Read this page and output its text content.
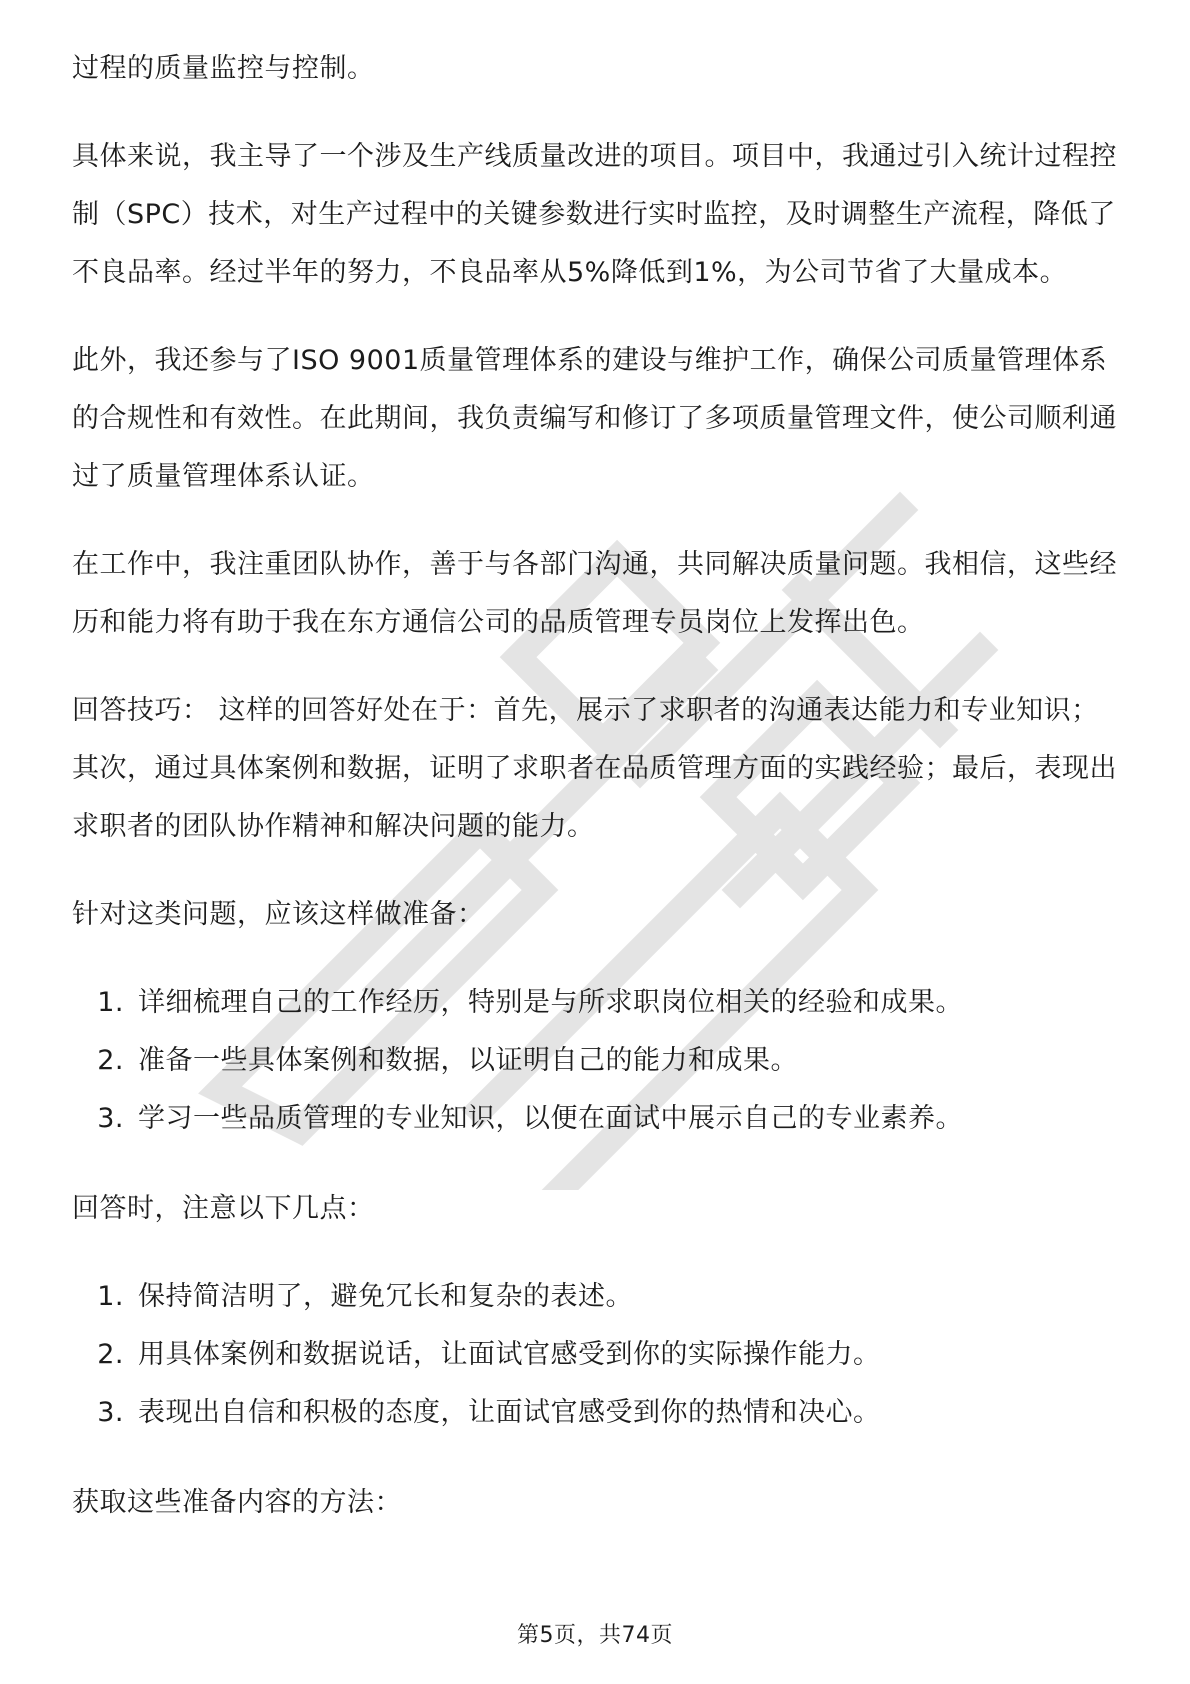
过程的质量监控与控制。

具体来说，我主导了一个涉及生产线质量改进的项目。项目中，我通过引入统计过程控制（SPC）技术，对生产过程中的关键参数进行实时监控，及时调整生产流程，降低了不良品率。经过半年的努力，不良品率从5%降低到1%，为公司节省了大量成本。

此外，我还参与了ISO 9001质量管理体系的建设与维护工作，确保公司质量管理体系的合规性和有效性。在此期间，我负责编写和修订了多项质量管理文件，使公司顺利通过了质量管理体系认证。

在工作中，我注重团队协作，善于与各部门沟通，共同解决质量问题。我相信，这些经历和能力将有助于我在东方通信公司的品质管理专员岗位上发挥出色。

回答技巧： 这样的回答好处在于：首先，展示了求职者的沟通表达能力和专业知识；其次，通过具体案例和数据，证明了求职者在品质管理方面的实践经验；最后，表现出求职者的团队协作精神和解决问题的能力。

针对这类问题，应该这样做准备：

1. 详细梳理自己的工作经历，特别是与所求职岗位相关的经验和成果。
2. 准备一些具体案例和数据，以证明自己的能力和成果。
3. 学习一些品质管理的专业知识，以便在面试中展示自己的专业素养。

回答时，注意以下几点：

1. 保持简洁明了，避免冗长和复杂的表述。
2. 用具体案例和数据说话，让面试官感受到你的实际操作能力。
3. 表现出自信和积极的态度，让面试官感受到你的热情和决心。

获取这些准备内容的方法：

第5页，共74页
